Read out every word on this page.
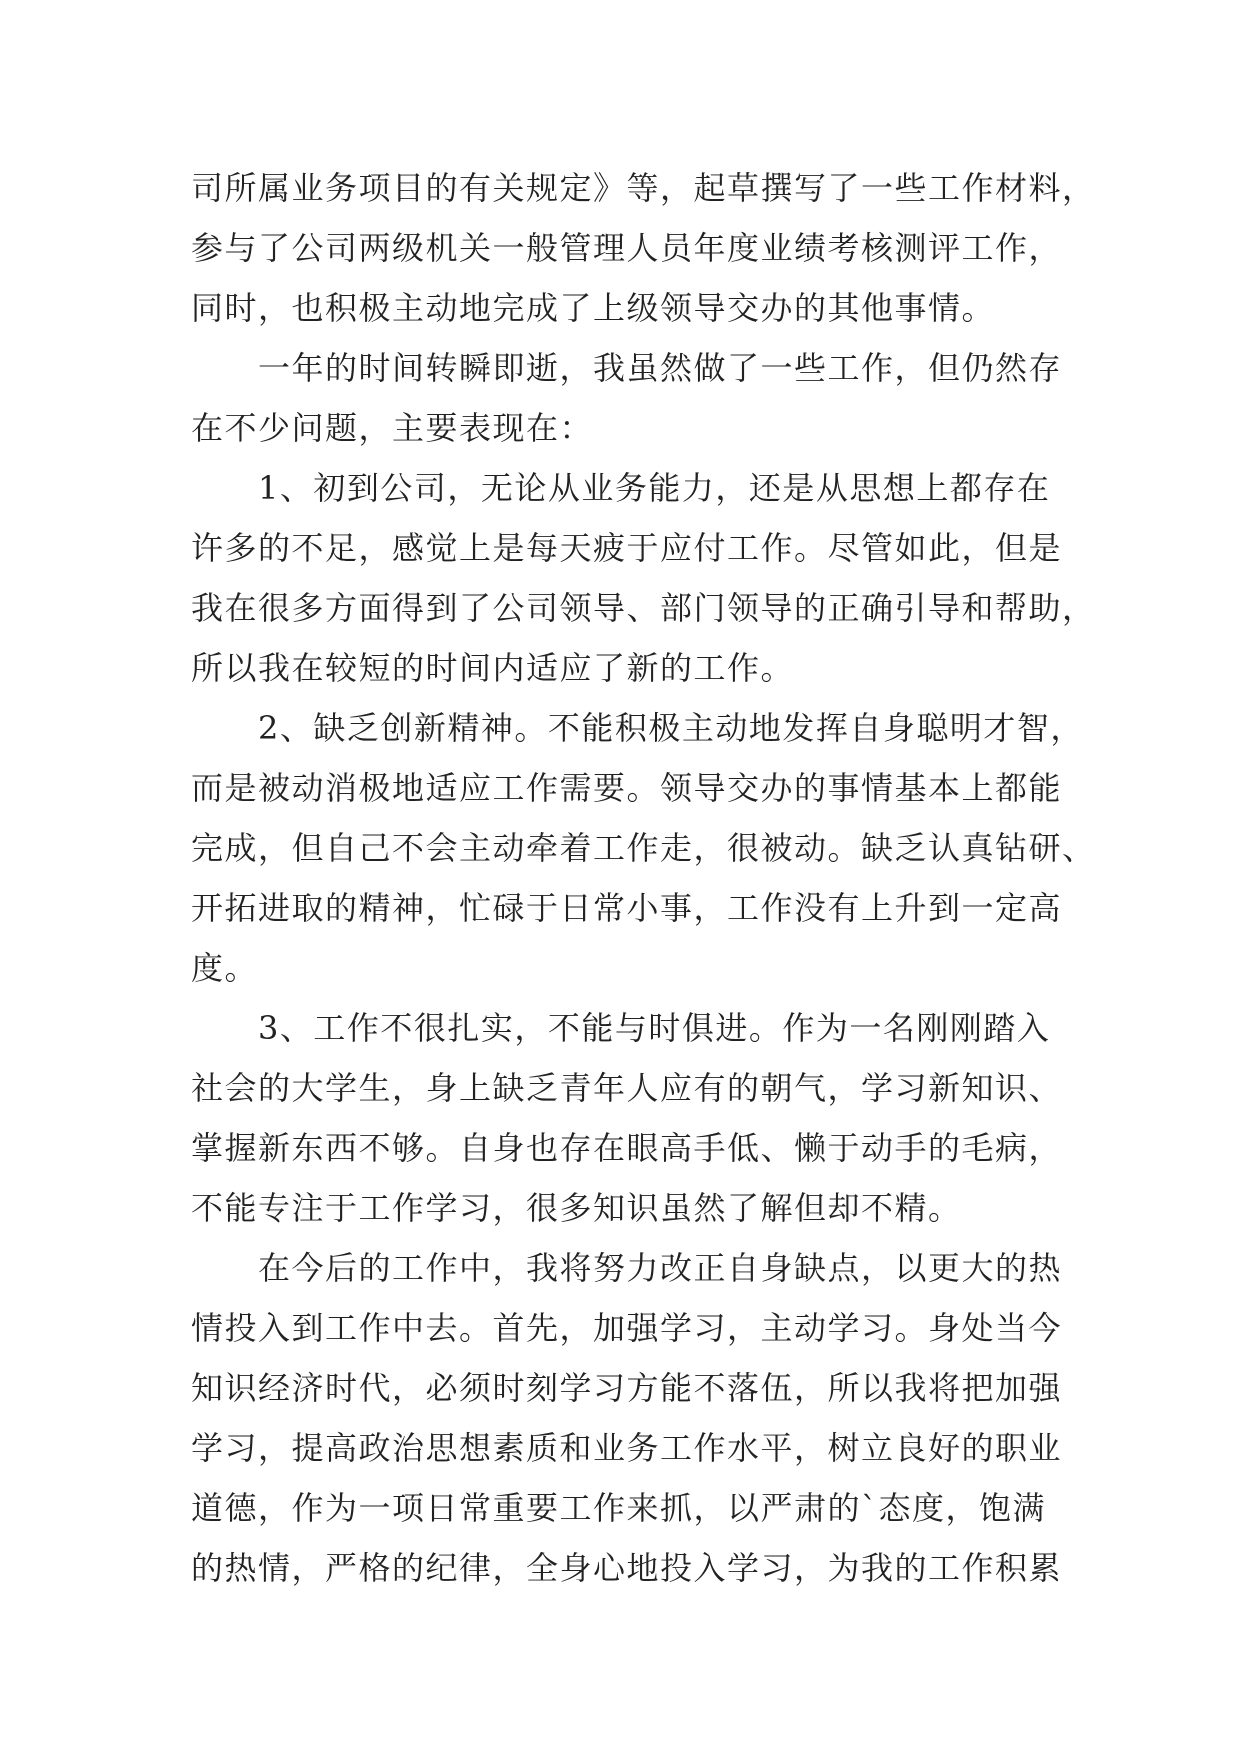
司所属业务项目的有关规定》等，起草撰写了一些工作材料，
参与了公司两级机关一般管理人员年度业绩考核测评工作，
同时，也积极主动地完成了上级领导交办的其他事情。
一年的时间转瞬即逝，我虽然做了一些工作，但仍然存
在不少问题，主要表现在：
1、初到公司，无论从业务能力，还是从思想上都存在
许多的不足，感觉上是每天疲于应付工作。尽管如此，但是
我在很多方面得到了公司领导、部门领导的正确引导和帮助，
所以我在较短的时间内适应了新的工作。
2、缺乏创新精神。不能积极主动地发挥自身聪明才智，
而是被动消极地适应工作需要。领导交办的事情基本上都能
完成，但自己不会主动牵着工作走，很被动。缺乏认真钻研、
开拓进取的精神，忙碌于日常小事，工作没有上升到一定高
度。
3、工作不很扎实，不能与时俱进。作为一名刚刚踏入
社会的大学生，身上缺乏青年人应有的朝气，学习新知识、
掌握新东西不够。自身也存在眼高手低、懒于动手的毛病，
不能专注于工作学习，很多知识虽然了解但却不精。
在今后的工作中，我将努力改正自身缺点，以更大的热
情投入到工作中去。首先，加强学习，主动学习。身处当今
知识经济时代，必须时刻学习方能不落伍，所以我将把加强
学习，提高政治思想素质和业务工作水平，树立良好的职业
道德，作为一项日常重要工作来抓，以严肃的`态度，饱满
的热情，严格的纪律，全身心地投入学习，为我的工作积累
